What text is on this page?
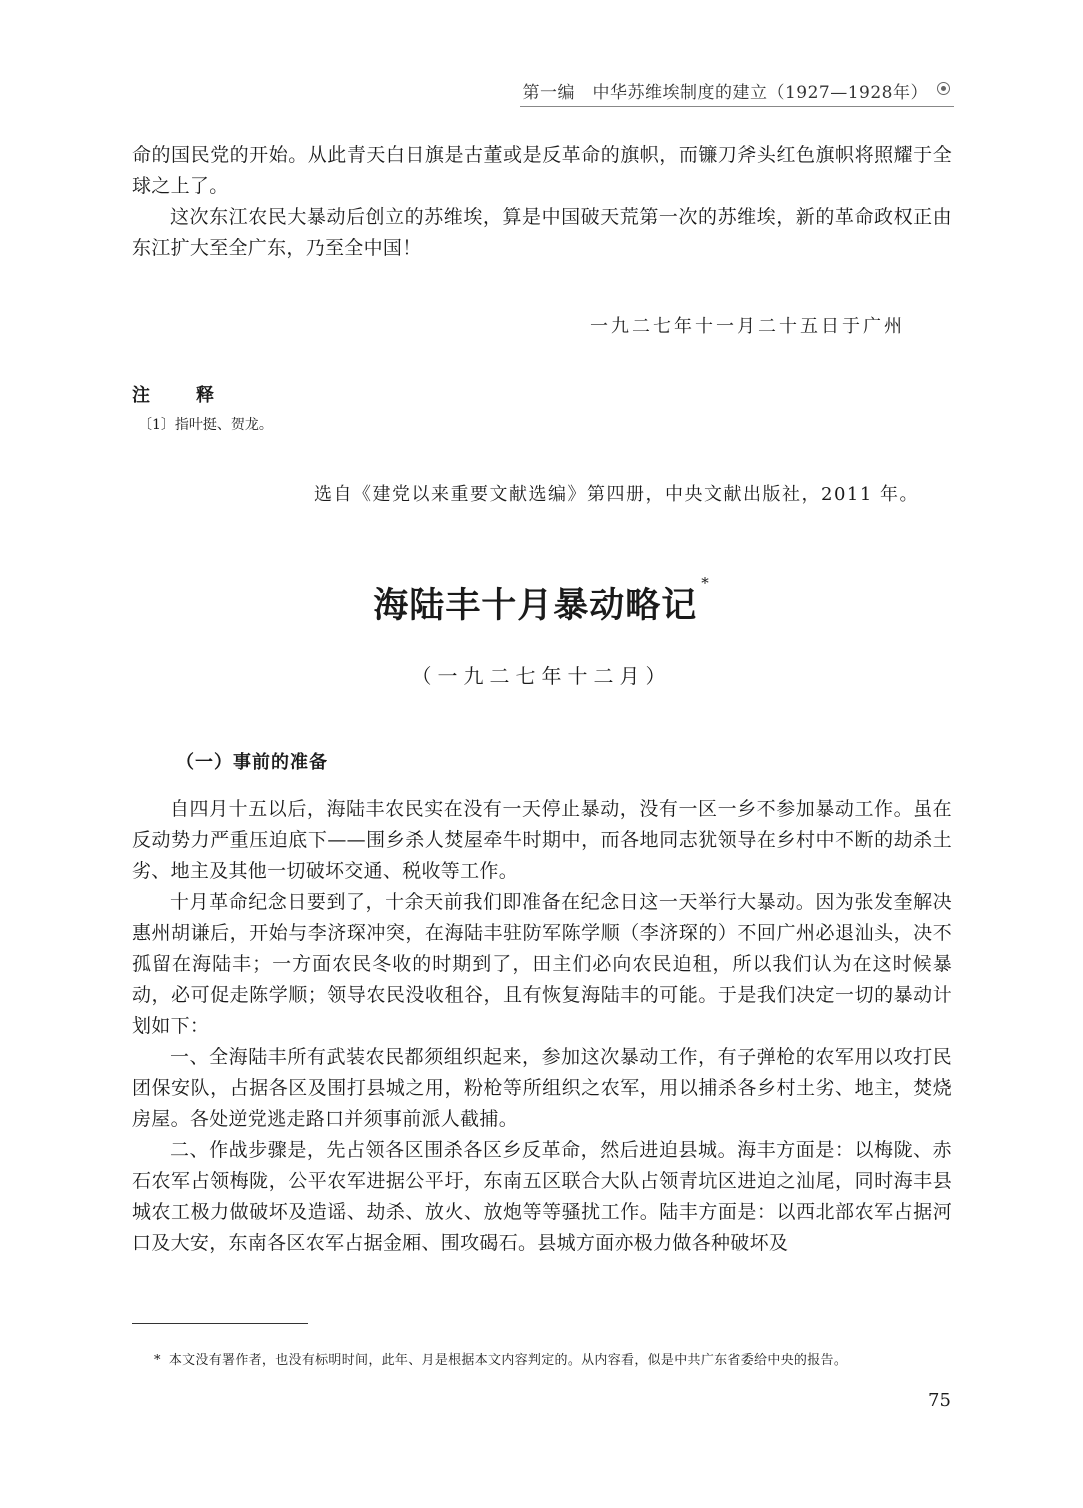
第一编　中华苏维埃制度的建立（1927—1928年）

命的国民党的开始。从此青天白日旗是古董或是反革命的旗帜，而镰刀斧头红色旗帜将照耀于全球之上了。

这次东江农民大暴动后创立的苏维埃，算是中国破天荒第一次的苏维埃，新的革命政权正由东江扩大至全广东，乃至全中国！

一九二七年十一月二十五日于广州
注　释
〔1〕指叶挺、贺龙。
选自《建党以来重要文献选编》第四册，中央文献出版社，2011 年。
海陆丰十月暴动略记*
（一九二七年十二月）
（一）事前的准备

自四月十五以后，海陆丰农民实在没有一天停止暴动，没有一区一乡不参加暴动工作。虽在反动势力严重压迫底下——围乡杀人焚屋牵牛时期中，而各地同志犹领导在乡村中不断的劫杀土劣、地主及其他一切破坏交通、税收等工作。

十月革命纪念日要到了，十余天前我们即准备在纪念日这一天举行大暴动。因为张发奎解决惠州胡谦后，开始与李济琛冲突，在海陆丰驻防军陈学顺（李济琛的）不回广州必退汕头，决不孤留在海陆丰；一方面农民冬收的时期到了，田主们必向农民迫租，所以我们认为在这时候暴动，必可促走陈学顺；领导农民没收租谷，且有恢复海陆丰的可能。于是我们决定一切的暴动计划如下：

一、全海陆丰所有武装农民都须组织起来，参加这次暴动工作，有子弹枪的农军用以攻打民团保安队，占据各区及围打县城之用，粉枪等所组织之农军，用以捕杀各乡村土劣、地主，焚烧房屋。各处逆党逃走路口并须事前派人截捕。

二、作战步骤是，先占领各区围杀各区乡反革命，然后进迫县城。海丰方面是：以梅陇、赤石农军占领梅陇，公平农军进据公平圩，东南五区联合大队占领青坑区进迫之汕尾，同时海丰县城农工极力做破坏及造谣、劫杀、放火、放炮等等骚扰工作。陆丰方面是：以西北部农军占据河口及大安，东南各区农军占据金厢、围攻碣石。县城方面亦极力做各种破坏及

* 本文没有署作者，也没有标明时间，此年、月是根据本文内容判定的。从内容看，似是中共广东省委给中央的报告。
75
